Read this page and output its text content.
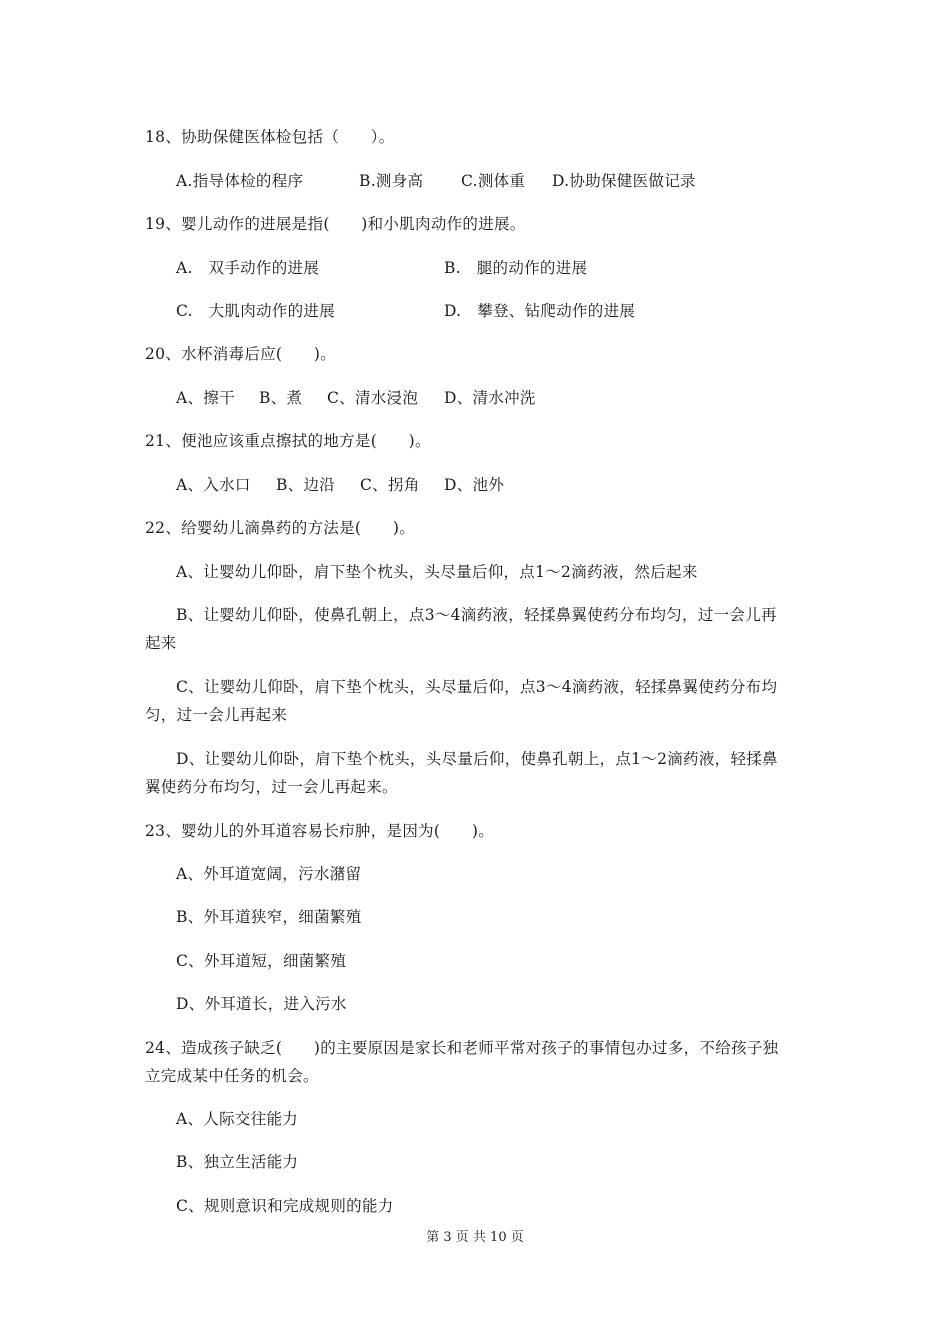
18、协助保健医体检包括（　　）。
A.指导体检的程序	B.测身高 C.测体重 D.协助保健医做记录
19、婴儿动作的进展是指(　　)和小肌肉动作的进展。
A.　双手动作的进展	B.　腿的动作的进展
C.　大肌肉动作的进展	D.　攀登、钻爬动作的进展
20、水杯消毒后应(　　)。
A、擦干 B、煮 C、清水浸泡 D、清水冲洗
21、便池应该重点擦拭的地方是(　　)。
A、入水口 B、边沿 C、拐角 D、池外
22、给婴幼儿滴鼻药的方法是(　　)。
A、让婴幼儿仰卧，肩下垫个枕头，头尽量后仰，点1～2滴药液，然后起来
B、让婴幼儿仰卧，使鼻孔朝上，点3～4滴药液，轻揉鼻翼使药分布均匀，过一会儿再
起来
C、让婴幼儿仰卧，肩下垫个枕头，头尽量后仰，点3～4滴药液，轻揉鼻翼使药分布均
匀，过一会儿再起来
D、让婴幼儿仰卧，肩下垫个枕头，头尽量后仰，使鼻孔朝上，点1～2滴药液，轻揉鼻
翼使药分布均匀，过一会儿再起来。
23、婴幼儿的外耳道容易长疖肿，是因为(　　)。
A、外耳道宽阔，污水潴留
B、外耳道狭窄，细菌繁殖
C、外耳道短，细菌繁殖
D、外耳道长，进入污水
24、造成孩子缺乏(　　)的主要原因是家长和老师平常对孩子的事情包办过多，不给孩子独
立完成某中任务的机会。
A、人际交往能力
B、独立生活能力
C、规则意识和完成规则的能力
第 3 页 共 10 页
